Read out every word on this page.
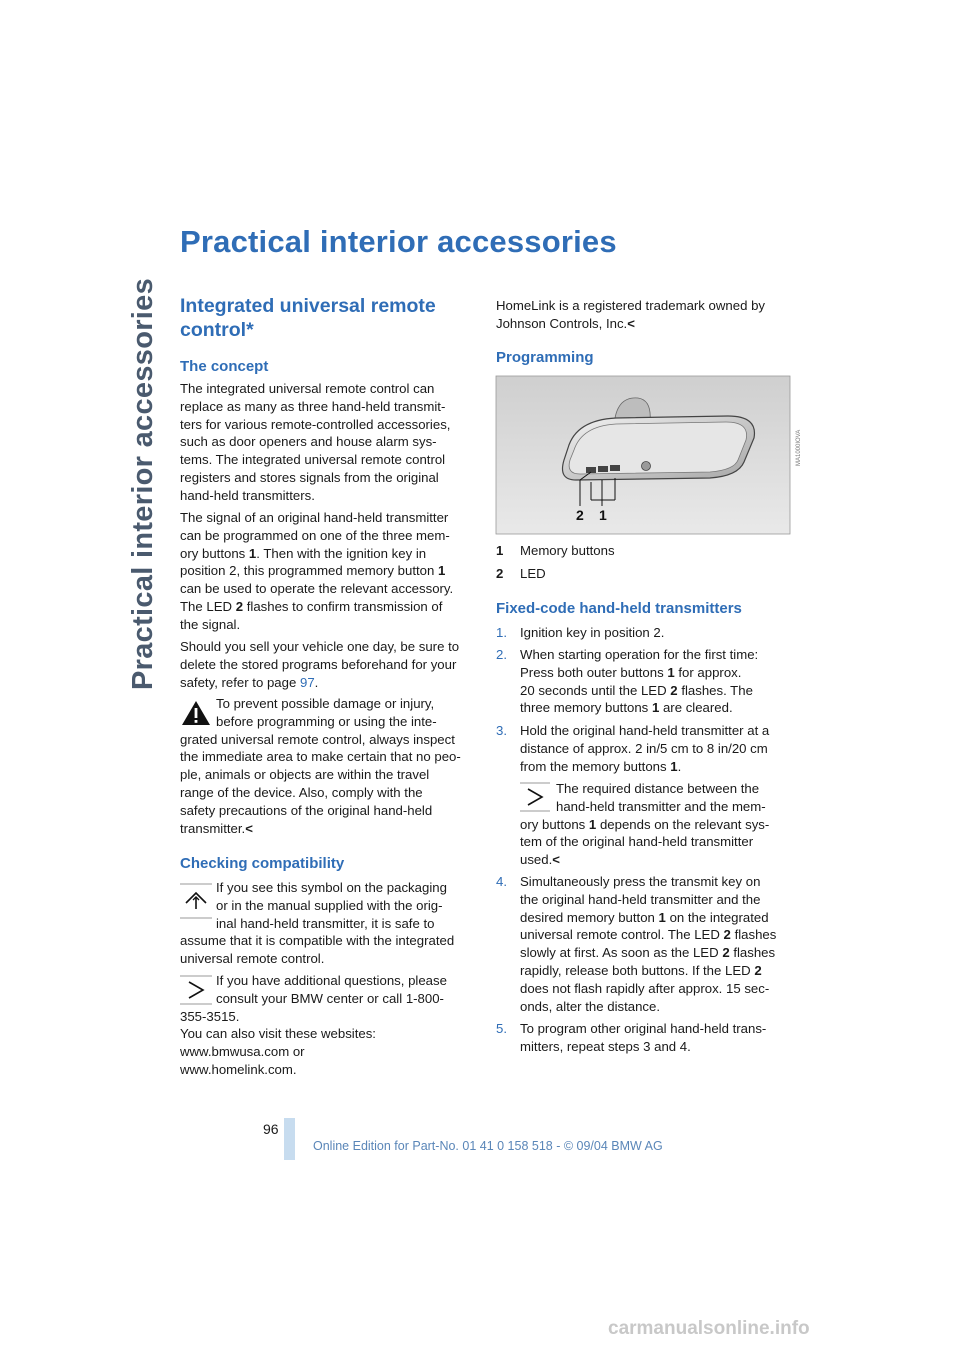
Practical interior accessories
Practical interior accessories
Integrated universal remote
control*
The concept
The integrated universal remote control can
replace as many as three hand-held transmit-
ters for various remote-controlled accessories,
such as door openers and house alarm sys-
tems. The integrated universal remote control
registers and stores signals from the original
hand-held transmitters.
The signal of an original hand-held transmitter
can be programmed on one of the three mem-
ory buttons 1. Then with the ignition key in
position 2, this programmed memory button 1
can be used to operate the relevant accessory.
The LED 2 flashes to confirm transmission of
the signal.
Should you sell your vehicle one day, be sure to
delete the stored programs beforehand for your
safety, refer to page 97.
To prevent possible damage or injury,
before programming or using the inte-
grated universal remote control, always inspect
the immediate area to make certain that no peo-
ple, animals or objects are within the travel
range of the device. Also, comply with the
safety precautions of the original hand-held
transmitter.<
Checking compatibility
If you see this symbol on the packaging
or in the manual supplied with the orig-
inal hand-held transmitter, it is safe to
assume that it is compatible with the integrated
universal remote control.
If you have additional questions, please
consult your BMW center or call 1-800-
355-3515.
You can also visit these websites:
www.bmwusa.com or
www.homelink.com.
HomeLink is a registered trademark owned by
Johnson Controls, Inc.<
Programming
2 1
MA1000IOVA
1 Memory buttons
2 LED
Fixed-code hand-held transmitters
1. Ignition key in position 2.
2. When starting operation for the first time:
Press both outer buttons 1 for approx.
20 seconds until the LED 2 flashes. The
three memory buttons 1 are cleared.
3. Hold the original hand-held transmitter at a
distance of approx. 2 in/5 cm to 8 in/20 cm
from the memory buttons 1.
The required distance between the
hand-held transmitter and the mem-
ory buttons 1 depends on the relevant sys-
tem of the original hand-held transmitter
used.<
4. Simultaneously press the transmit key on
the original hand-held transmitter and the
desired memory button 1 on the integrated
universal remote control. The LED 2 flashes
slowly at first. As soon as the LED 2 flashes
rapidly, release both buttons. If the LED 2
does not flash rapidly after approx. 15 sec-
onds, alter the distance.
5. To program other original hand-held trans-
mitters, repeat steps 3 and 4.
96
Online Edition for Part-No. 01 41 0 158 518 - © 09/04 BMW AG
carmanualsonline.info
